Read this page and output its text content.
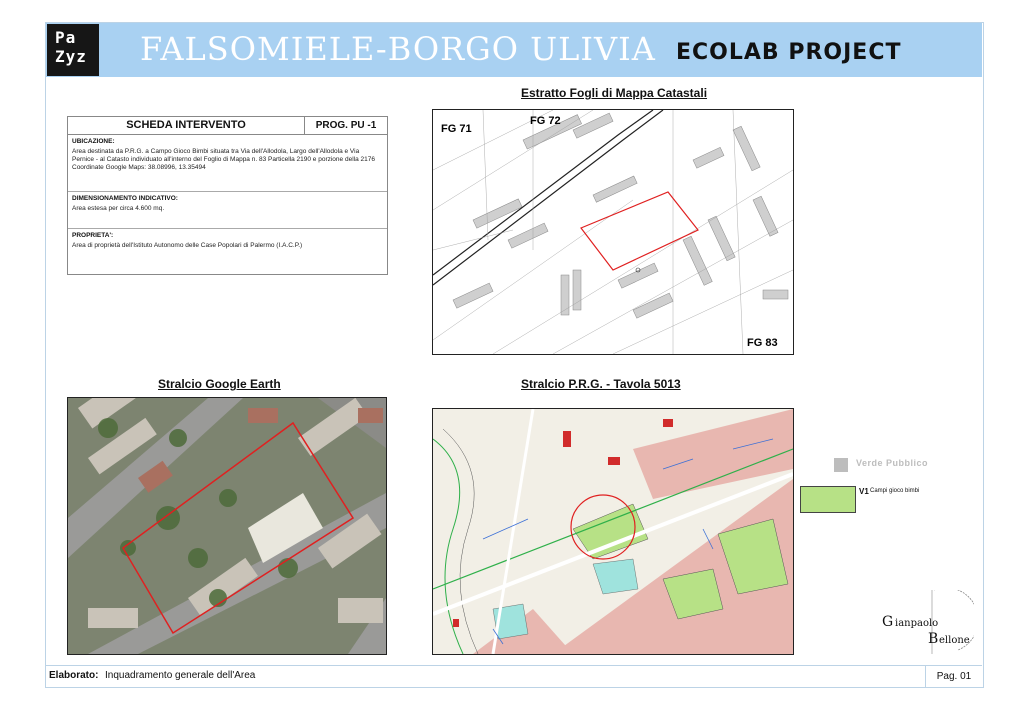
Pa
Zyz	FALSOMIELE-BORGO ULIVIA ECOLAB PROJECT
SCHEDA INTERVENTO	PROG. PU -1
UBICAZIONE:
Area destinata da P.R.G. a Campo Gioco Bimbi situata tra Via dell'Allodola, Largo dell'Allodola e Via Pernice - al Catasto individuato all'interno del Foglio di Mappa n. 83 Particella 2190 e porzione della 2176 Coordinate Google Maps: 38.08996, 13.35494
DIMENSIONAMENTO INDICATIVO:
Area estesa per circa 4.600 mq.
PROPRIETA':
Area di proprietà dell'Istituto Autonomo delle Case Popolari di Palermo (I.A.C.P.)
Estratto Fogli di Mappa Catastali
Stralcio Google Earth	Stralcio P.R.G. - Tavola 5013
FG 71
FG 72
FG 83
Verde Pubblico
V1 Campi gioco bimbi
G ianpaolo
B ellone
Elaborato: Inquadramento generale dell'Area	Pag. 01
